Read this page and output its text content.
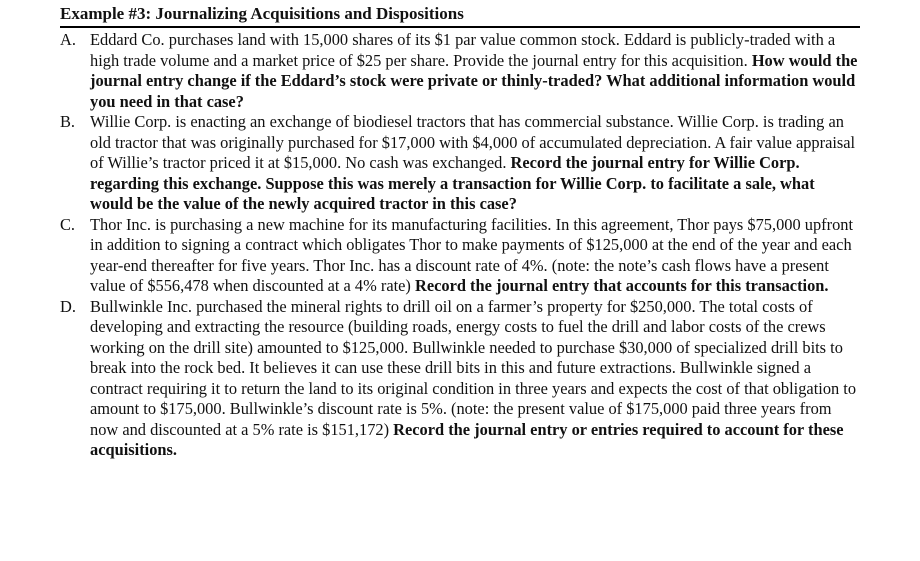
Example #3: Journalizing Acquisitions and Dispositions
A. Eddard Co. purchases land with 15,000 shares of its $1 par value common stock. Eddard is publicly-traded with a high trade volume and a market price of $25 per share. Provide the journal entry for this acquisition. How would the journal entry change if the Eddard’s stock were private or thinly-traded? What additional information would you need in that case?
B. Willie Corp. is enacting an exchange of biodiesel tractors that has commercial substance. Willie Corp. is trading an old tractor that was originally purchased for $17,000 with $4,000 of accumulated depreciation. A fair value appraisal of Willie’s tractor priced it at $15,000. No cash was exchanged. Record the journal entry for Willie Corp. regarding this exchange. Suppose this was merely a transaction for Willie Corp. to facilitate a sale, what would be the value of the newly acquired tractor in this case?
C. Thor Inc. is purchasing a new machine for its manufacturing facilities. In this agreement, Thor pays $75,000 upfront in addition to signing a contract which obligates Thor to make payments of $125,000 at the end of the year and each year-end thereafter for five years. Thor Inc. has a discount rate of 4%. (note: the note’s cash flows have a present value of $556,478 when discounted at a 4% rate) Record the journal entry that accounts for this transaction.
D. Bullwinkle Inc. purchased the mineral rights to drill oil on a farmer’s property for $250,000. The total costs of developing and extracting the resource (building roads, energy costs to fuel the drill and labor costs of the crews working on the drill site) amounted to $125,000. Bullwinkle needed to purchase $30,000 of specialized drill bits to break into the rock bed. It believes it can use these drill bits in this and future extractions. Bullwinkle signed a contract requiring it to return the land to its original condition in three years and expects the cost of that obligation to amount to $175,000. Bullwinkle’s discount rate is 5%. (note: the present value of $175,000 paid three years from now and discounted at a 5% rate is $151,172) Record the journal entry or entries required to account for these acquisitions.
